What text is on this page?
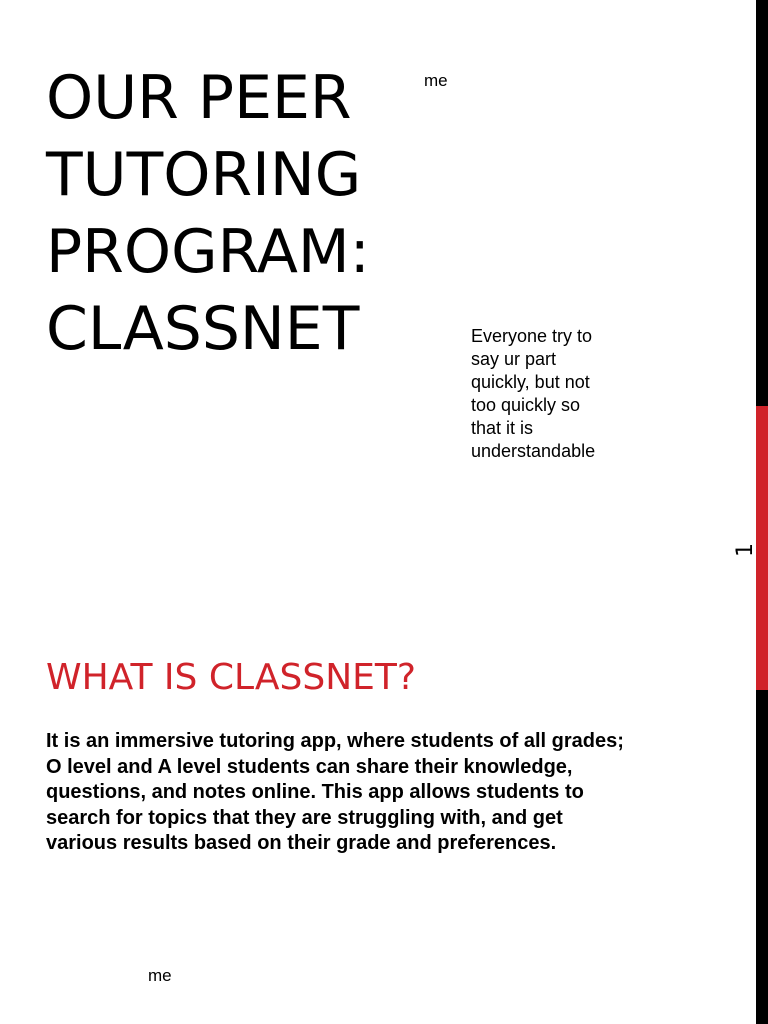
1
OUR PEER
TUTORING
PROGRAM:
CLASSNET
me
Everyone try to
say ur part
quickly, but not
too quickly so
that it is
understandable
WHAT IS CLASSNET?
It is an immersive tutoring app, where students of all grades;
O level and A level students can share their knowledge,
questions, and notes online. This app allows students to
search for topics that they are struggling with, and get
various results based on their grade and preferences.
me
